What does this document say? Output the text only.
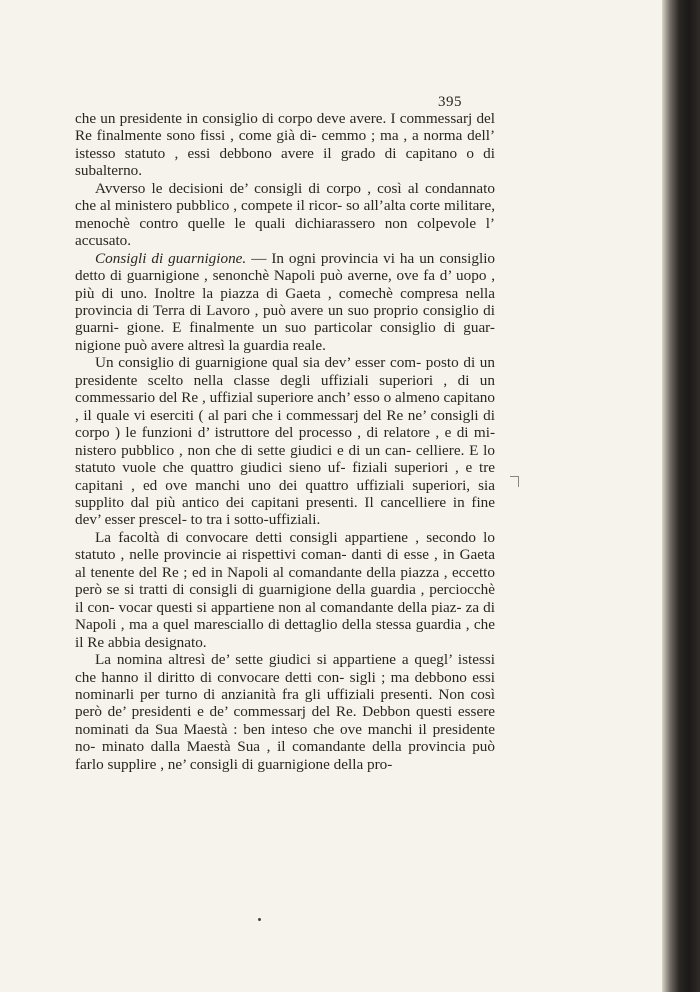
395

che un presidente in consiglio di corpo deve avere. I commessarj del Re finalmente sono fissi , come già di- cemmo ; ma , a norma dell’ istesso statuto , essi debbono avere il grado di capitano o di subalterno.

Avverso le decisioni de’ consigli di corpo , così al condannato che al ministero pubblico , compete il ricor- so all’alta corte militare, menochè contro quelle le quali dichiarassero non colpevole l’ accusato.

Consigli di guarnigione. — In ogni provincia vi ha un consiglio detto di guarnigione , senonchè Napoli può averne, ove fa d’ uopo , più di uno. Inoltre la piazza di Gaeta , comechè compresa nella provincia di Terra di Lavoro , può avere un suo proprio consiglio di guarni- gione. E finalmente un suo particolar consiglio di guar- nigione può avere altresì la guardia reale.

Un consiglio di guarnigione qual sia dev’ esser com- posto di un presidente scelto nella classe degli uffiziali superiori , di un commessario del Re , uffizial superiore anch’ esso o almeno capitano , il quale vi eserciti ( al pari che i commessarj del Re ne’ consigli di corpo ) le funzioni d’ istruttore del processo , di relatore , e di mi- nistero pubblico , non che di sette giudici e di un can- celliere. E lo statuto vuole che quattro giudici sieno uf- fiziali superiori , e tre capitani , ed ove manchi uno dei quattro uffiziali superiori, sia supplito dal più antico dei capitani presenti. Il cancelliere in fine dev’ esser prescel- to tra i sotto-uffiziali.

La facoltà di convocare detti consigli appartiene , secondo lo statuto , nelle provincie ai rispettivi coman- danti di esse , in Gaeta al tenente del Re ; ed in Napoli al comandante della piazza , eccetto però se si tratti di consigli di guarnigione della guardia , perciocchè il con- vocar questi si appartiene non al comandante della piaz- za di Napoli , ma a quel maresciallo di dettaglio della stessa guardia , che il Re abbia designato.

La nomina altresì de’ sette giudici si appartiene a quegl’ istessi che hanno il diritto di convocare detti con- sigli ; ma debbono essi nominarli per turno di anzianità fra gli uffiziali presenti. Non così però de’ presidenti e de’ commessarj del Re. Debbon questi essere nominati da Sua Maestà : ben inteso che ove manchi il presidente no- minato dalla Maestà Sua , il comandante della provincia può farlo supplire , ne’ consigli di guarnigione della pro-
